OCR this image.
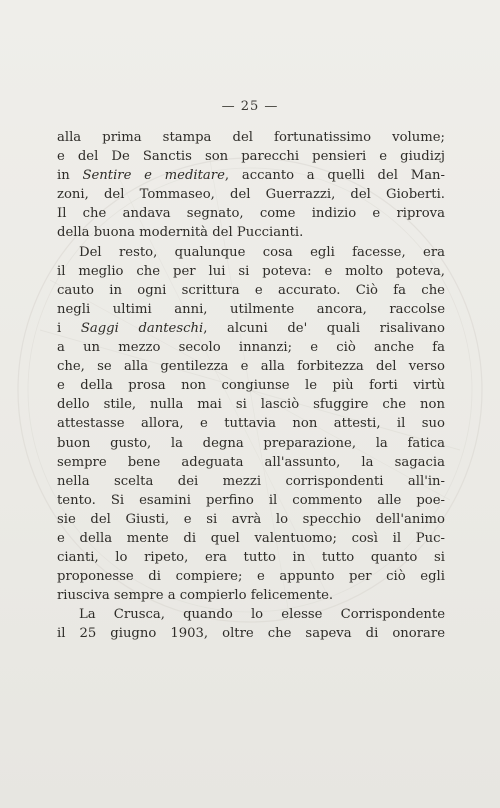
— 25 —
alla prima stampa del fortunatissimo volume;
e del De Sanctis son parecchi pensieri e giudizj
in Sentire e meditare, accanto a quelli del Man-
zoni, del Tommaseo, del Guerrazzi, del Gioberti.
Il che andava segnato, come indizio e riprova
della buona modernità del Puccianti.
Del resto, qualunque cosa egli facesse, era
il meglio che per lui si poteva: e molto poteva,
cauto in ogni scrittura e accurato. Ciò fa che
negli ultimi anni, utilmente ancora, raccolse
i Saggi danteschi, alcuni de' quali risalivano
a un mezzo secolo innanzi; e ciò anche fa
che, se alla gentilezza e alla forbitezza del verso
e della prosa non congiunse le più forti virtù
dello stile, nulla mai si lasciò sfuggire che non
attestasse allora, e tuttavia non attesti, il suo
buon gusto, la degna preparazione, la fatica
sempre bene adeguata all'assunto, la sagacia
nella scelta dei mezzi corrispondenti all'in-
tento. Si esamini perfino il commento alle poe-
sie del Giusti, e si avrà lo specchio dell'animo
e della mente di quel valentuomo; così il Puc-
cianti, lo ripeto, era tutto in tutto quanto si
proponesse di compiere; e appunto per ciò egli
riusciva sempre a compierlo felicemente.
La Crusca, quando lo elesse Corrispondente
il 25 giugno 1903, oltre che sapeva di onorare
